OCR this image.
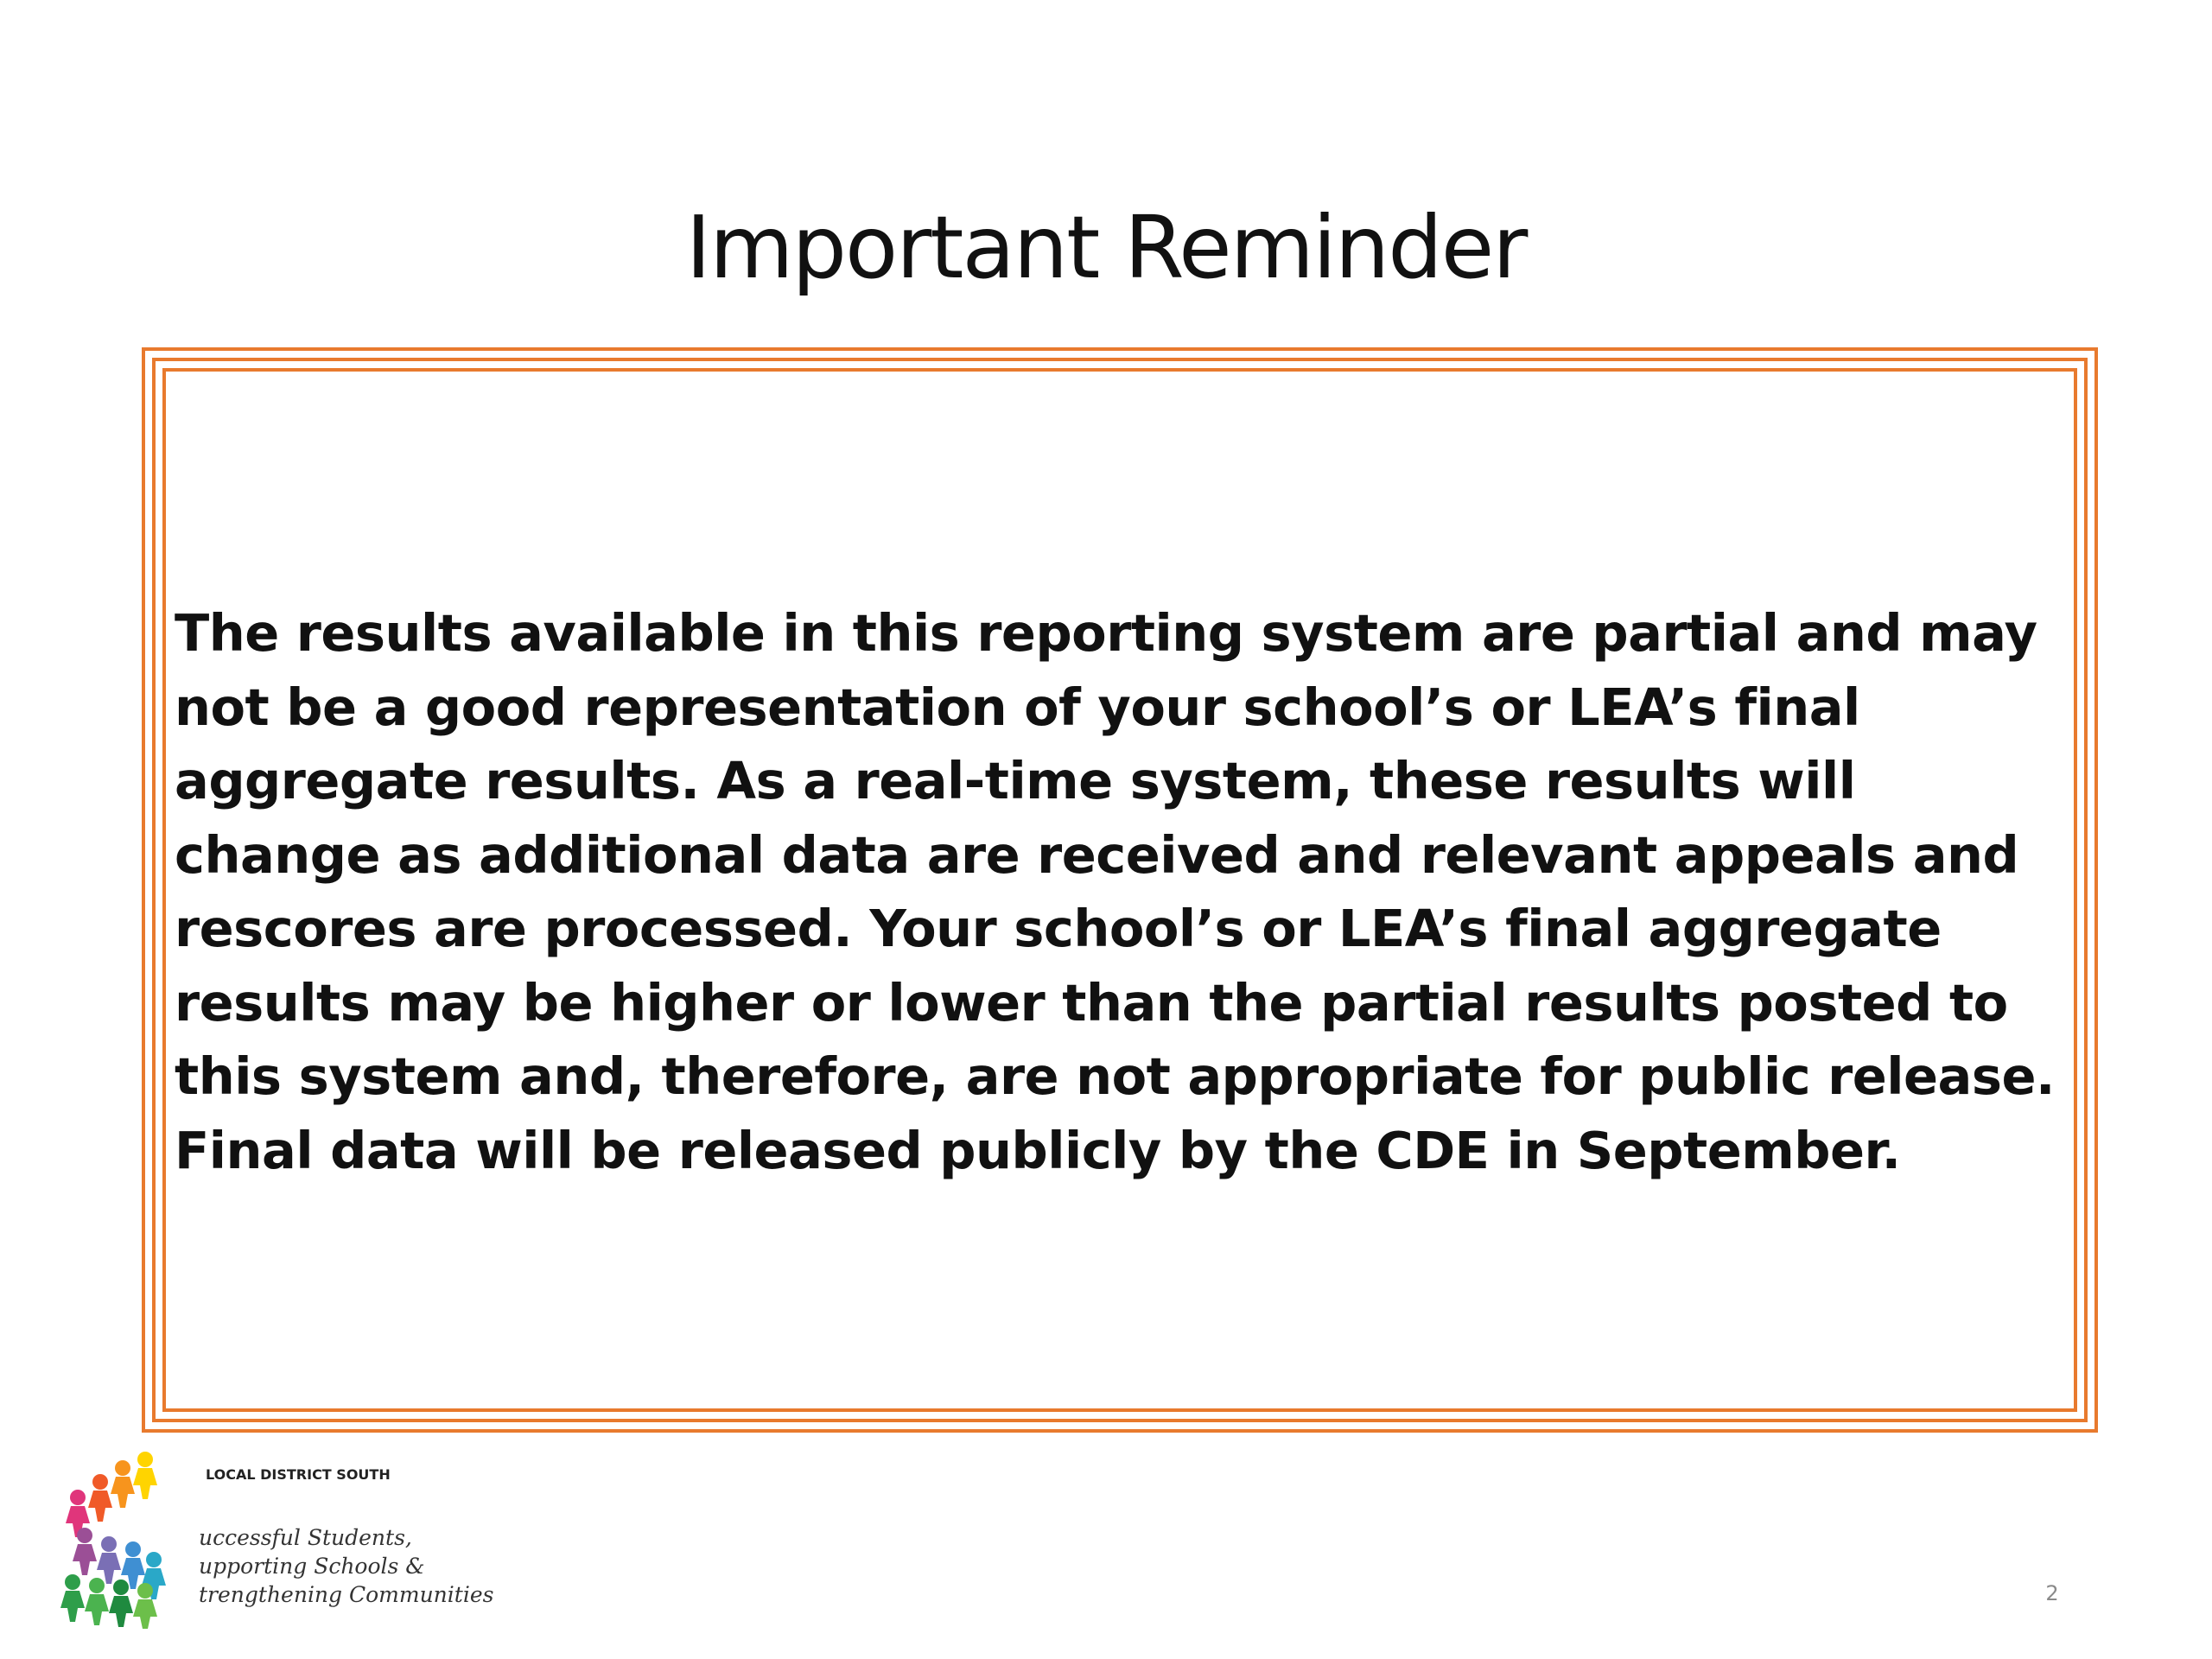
Important Reminder

The results available in this reporting system are partial and may not be a good representation of your school’s or LEA’s final aggregate results. As a real-time system, these results will change as additional data are received and relevant appeals and rescores are processed. Your school’s or LEA’s final aggregate results may be higher or lower than the partial results posted to this system and, therefore, are not appropriate for public release. Final data will be released publicly by the CDE in September.

LOCAL DISTRICT SOUTH
uccessful Students,
upporting Schools &
trengthening Communities	2
